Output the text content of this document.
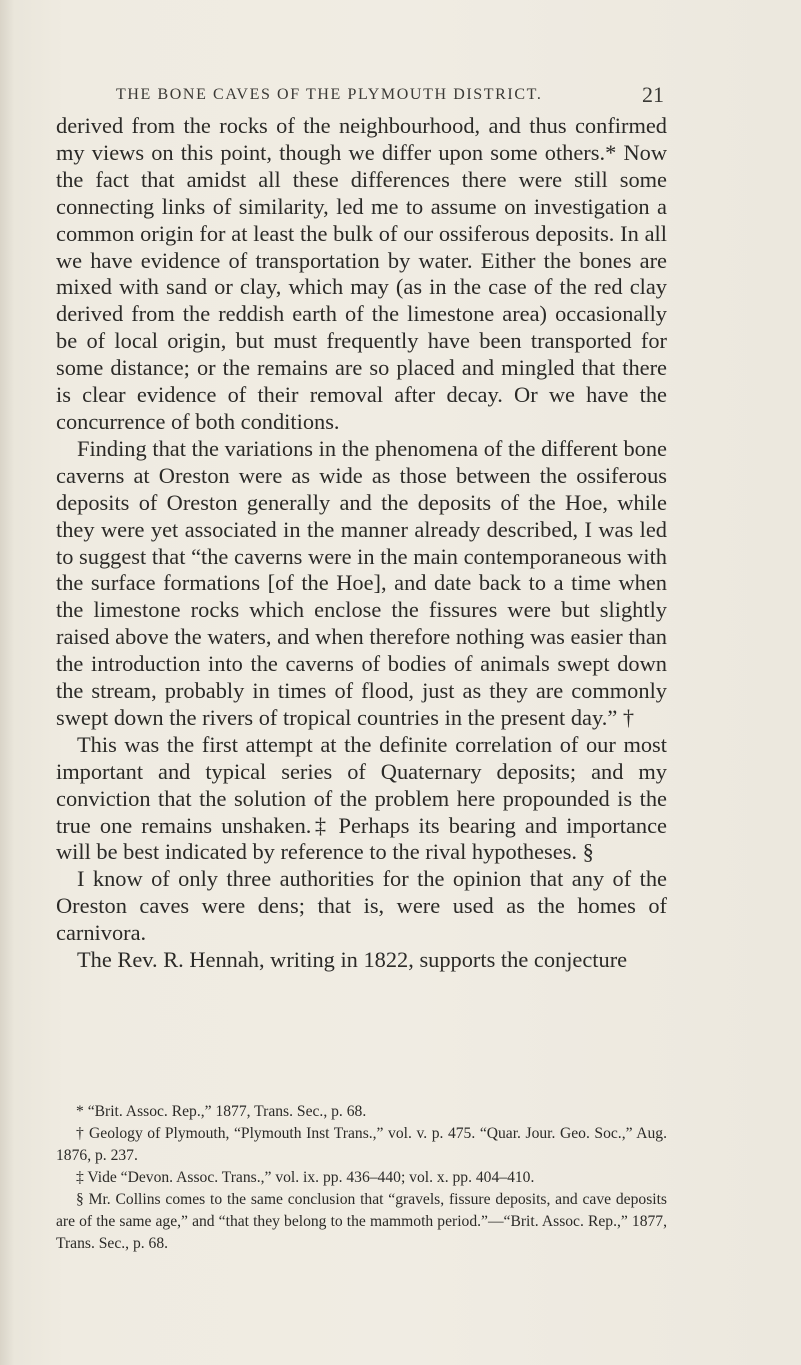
THE BONE CAVES OF THE PLYMOUTH DISTRICT.	21

derived from the rocks of the neighbourhood, and thus confirmed my views on this point, though we differ upon some others.* Now the fact that amidst all these differences there were still some connecting links of similarity, led me to assume on investigation a common origin for at least the bulk of our ossiferous deposits. In all we have evidence of transportation by water. Either the bones are mixed with sand or clay, which may (as in the case of the red clay derived from the reddish earth of the limestone area) occasionally be of local origin, but must frequently have been transported for some distance; or the remains are so placed and mingled that there is clear evidence of their removal after decay. Or we have the concurrence of both conditions.

Finding that the variations in the phenomena of the different bone caverns at Oreston were as wide as those between the ossiferous deposits of Oreston generally and the deposits of the Hoe, while they were yet associated in the manner already described, I was led to suggest that “the caverns were in the main contemporaneous with the surface formations [of the Hoe], and date back to a time when the limestone rocks which enclose the fissures were but slightly raised above the waters, and when therefore nothing was easier than the introduction into the caverns of bodies of animals swept down the stream, probably in times of flood, just as they are commonly swept down the rivers of tropical countries in the present day.” †

This was the first attempt at the definite correlation of our most important and typical series of Quaternary deposits; and my conviction that the solution of the problem here propounded is the true one remains unshaken.‡ Perhaps its bearing and importance will be best indicated by reference to the rival hypotheses. §

I know of only three authorities for the opinion that any of the Oreston caves were dens; that is, were used as the homes of carnivora.

The Rev. R. Hennah, writing in 1822, supports the conjecture

* “Brit. Assoc. Rep.,” 1877, Trans. Sec., p. 68.

† Geology of Plymouth, “Plymouth Inst Trans.,” vol. v. p. 475. “Quar. Jour. Geo. Soc.,” Aug. 1876, p. 237.

‡ Vide “Devon. Assoc. Trans.,” vol. ix. pp. 436–440; vol. x. pp. 404–410.

§ Mr. Collins comes to the same conclusion that “gravels, fissure deposits, and cave deposits are of the same age,” and “that they belong to the mammoth period.”—“Brit. Assoc. Rep.,” 1877, Trans. Sec., p. 68.
